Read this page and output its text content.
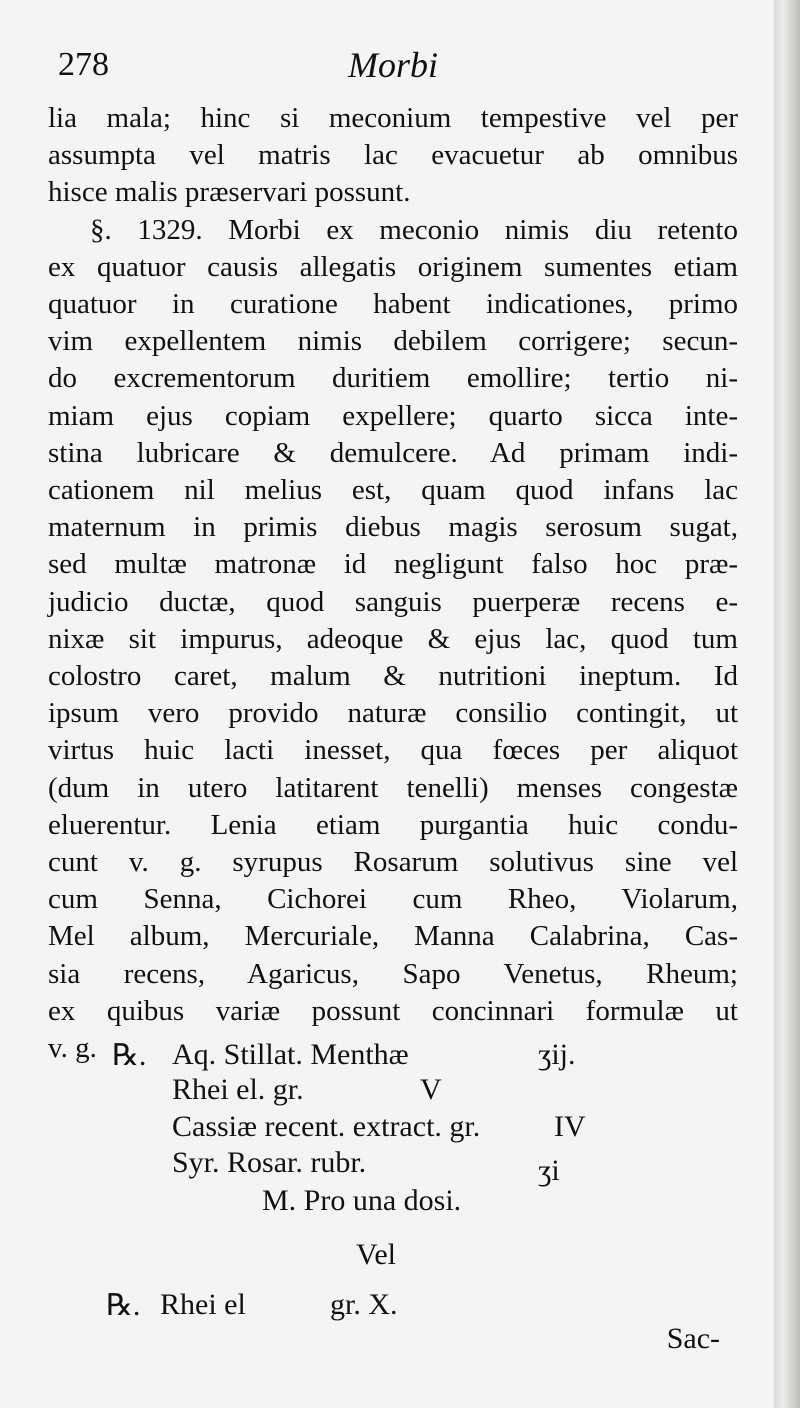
278	Morbi
lia mala; hinc si meconium tempestive vel per
assumpta vel matris lac evacuetur ab omnibus
hisce malis præservari possunt.
§. 1329. Morbi ex meconio nimis diu retento
ex quatuor causis allegatis originem sumentes etiam
quatuor in curatione habent indicationes, primo
vim expellentem nimis debilem corrigere; secun-
do excrementorum duritiem emollire; tertio ni-
miam ejus copiam expellere; quarto sicca inte-
stina lubricare & demulcere. Ad primam indi-
cationem nil melius est, quam quod infans lac
maternum in primis diebus magis serosum sugat,
sed multæ matronæ id negligunt falso hoc præ-
judicio ductæ, quod sanguis puerperæ recens e-
nixæ sit impurus, adeoque & ejus lac, quod tum
colostro caret, malum & nutritioni ineptum. Id
ipsum vero provido naturæ consilio contingit, ut
virtus huic lacti inesset, qua fœces per aliquot
(dum in utero latitarent tenelli) menses congestæ
eluerentur. Lenia etiam purgantia huic condu-
cunt v. g. syrupus Rosarum solutivus sine vel
cum Senna, Cichorei cum Rheo, Violarum,
Mel album, Mercuriale, Manna Calabrina, Cas-
sia recens, Agaricus, Sapo Venetus, Rheum;
ex quibus variæ possunt concinnari formulæ ut
v. g. ℞. Aq. Stillat. Menthæ	ʒij.
Rhei el. gr.	V
Cassiæ recent. extract. gr. IV
Syr. Rosar. rubr.	ʒi
M. Pro una dosi.
Vel
℞. Rhei el	gr. X.
Sac-
